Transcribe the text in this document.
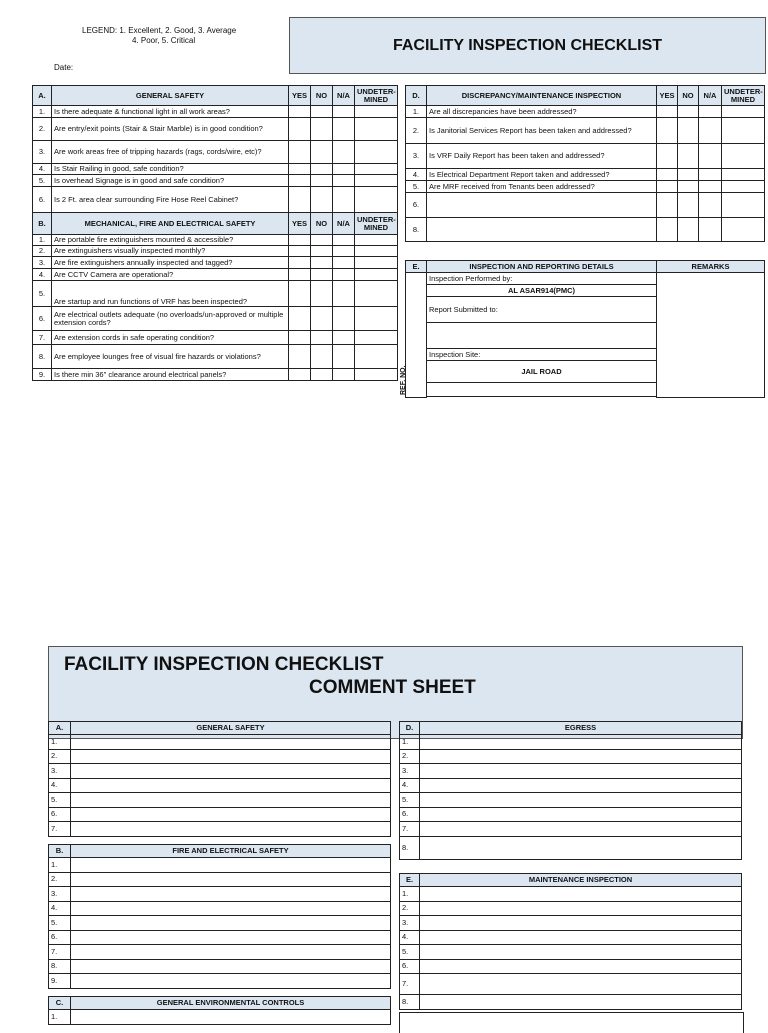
LEGEND: 1. Excellent, 2. Good, 3. Average
4. Poor, 5. Critical
Date:
FACILITY INSPECTION CHECKLIST
A.	GENERAL SAFETY	YES	NO	N/A	UNDETER-MINED
1.	Is there adequate & functional light in all work areas?				
2.	Are entry/exit points (Stair & Stair Marble) is in good condition?				
3.	Are work areas free of tripping hazards (rags, cords/wire, etc)?				
4.	Is Stair Railing in good, safe condition?				
5.	Is overhead Signage is in good and safe condition?				
6.	Is 2 Ft. area clear surrounding Fire Hose Reel Cabinet?				
B.	MECHANICAL, FIRE AND ELECTRICAL SAFETY	YES	NO	N/A	UNDETER-MINED
1.	Are portable fire extinguishers mounted & accessible?				
2.	Are extinguishers visually inspected monthly?				
3.	Are fire extinguishers annually inspected and tagged?				
4.	Are CCTV Camera are operational?				
5.	Are startup and run functions of VRF has been inspected?				
6.	Are electrical outlets adequate (no overloads/un-approved or multiple extension cords?				
7.	Are extension cords in safe operating condition?				
8.	Are employee lounges free of visual fire hazards or violations?				
9.	Is there min 36" clearance around electrical panels?				
D.	DISCREPANCY/MAINTENANCE INSPECTION	YES	NO	N/A	UNDETER-MINED
1.	Are all discrepancies have been addressed?				
2.	Is Janitorial Services Report has been taken and addressed?				
3.	Is VRF Daily Report has been taken and addressed?				
4.	Is Electrical Department Report taken and addressed?				
5.	Are MRF received from Tenants been addressed?				
6.					
8.					
E.	INSPECTION AND REPORTING DETAILS	REMARKS

REF. NO.	Inspection Performed by:	
	AL ASAR914(PMC)	
	Report Submitted to:	

	Inspection Site:	
	JAIL ROAD	

FACILITY INSPECTION CHECKLIST
COMMENT SHEET
A.	GENERAL SAFETY
1.	
2.	
3.	
4.	
5.	
6.	
7.	
B.	FIRE AND ELECTRICAL SAFETY
1.	
2.	
3.	
4.	
5.	
6.	
7.	
8.	
9.	
C.	GENERAL ENVIRONMENTAL CONTROLS
1.	
D.	EGRESS
1.	
2.	
3.	
4.	
5.	
6.	
7.	
8.	
E.	MAINTENANCE INSPECTION
1.	
2.	
3.	
4.	
5.	
6.	
7.	
8.	
